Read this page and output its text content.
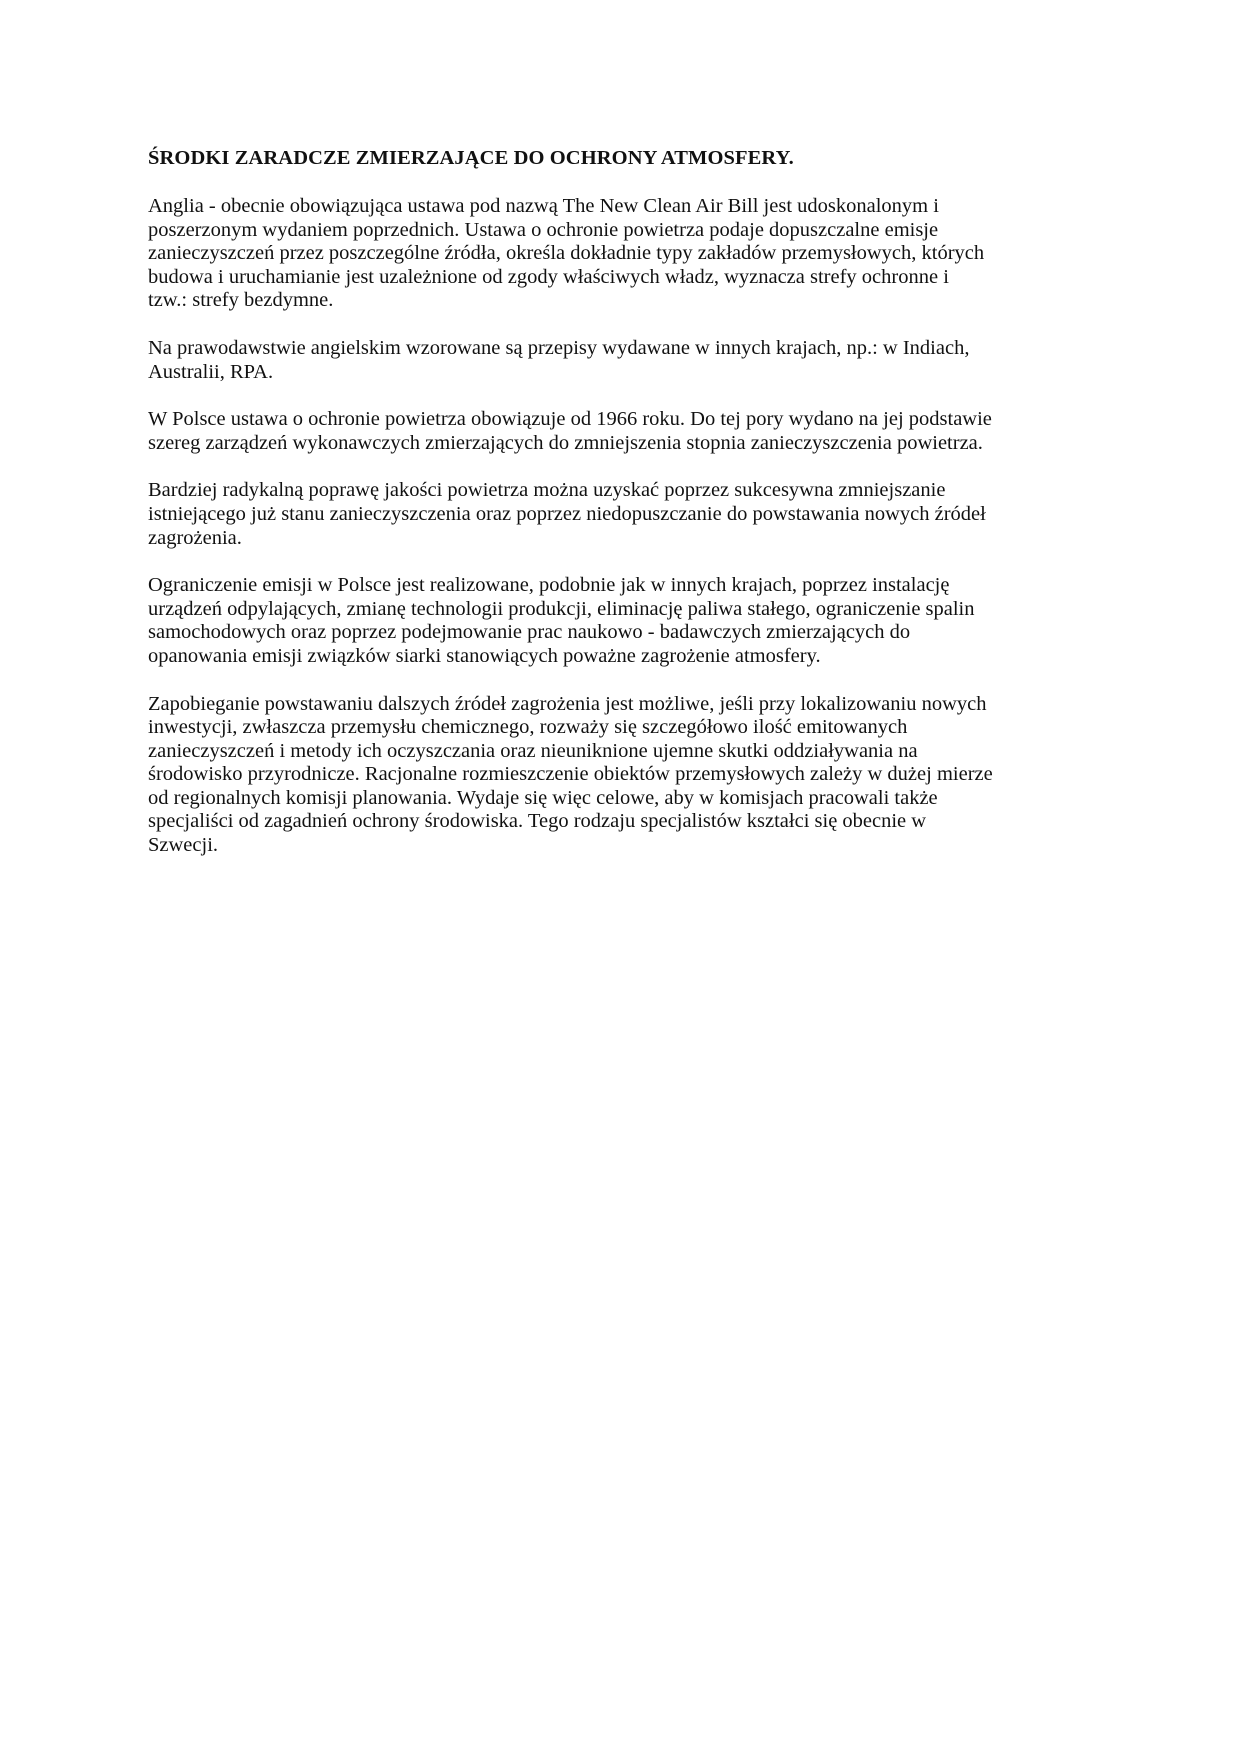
ŚRODKI ZARADCZE ZMIERZAJĄCE DO OCHRONY ATMOSFERY.

Anglia - obecnie obowiązująca ustawa pod nazwą The New Clean Air Bill jest udoskonalonym i
poszerzonym wydaniem poprzednich. Ustawa o ochronie powietrza podaje dopuszczalne emisje
zanieczyszczeń przez poszczególne źródła, określa dokładnie typy zakładów przemysłowych, których
budowa i uruchamianie jest uzależnione od zgody właściwych władz, wyznacza strefy ochronne i
tzw.: strefy bezdymne.

Na prawodawstwie angielskim wzorowane są przepisy wydawane w innych krajach, np.: w Indiach,
Australii, RPA.

W Polsce ustawa o ochronie powietrza obowiązuje od 1966 roku. Do tej pory wydano na jej podstawie
szereg zarządzeń wykonawczych zmierzających do zmniejszenia stopnia zanieczyszczenia powietrza.

Bardziej radykalną poprawę jakości powietrza można uzyskać poprzez sukcesywna zmniejszanie
istniejącego już stanu zanieczyszczenia oraz poprzez niedopuszczanie do powstawania nowych źródeł
zagrożenia.

Ograniczenie emisji w Polsce jest realizowane, podobnie jak w innych krajach, poprzez instalację
urządzeń odpylających, zmianę technologii produkcji, eliminację paliwa stałego, ograniczenie spalin
samochodowych oraz poprzez podejmowanie prac naukowo - badawczych zmierzających do
opanowania emisji związków siarki stanowiących poważne zagrożenie atmosfery.

Zapobieganie powstawaniu dalszych źródeł zagrożenia jest możliwe, jeśli przy lokalizowaniu nowych
inwestycji, zwłaszcza przemysłu chemicznego, rozważy się szczegółowo ilość emitowanych
zanieczyszczeń i metody ich oczyszczania oraz nieuniknione ujemne skutki oddziaływania na
środowisko przyrodnicze. Racjonalne rozmieszczenie obiektów przemysłowych zależy w dużej mierze
od regionalnych komisji planowania. Wydaje się więc celowe, aby w komisjach pracowali także
specjaliści od zagadnień ochrony środowiska. Tego rodzaju specjalistów kształci się obecnie w
Szwecji.
